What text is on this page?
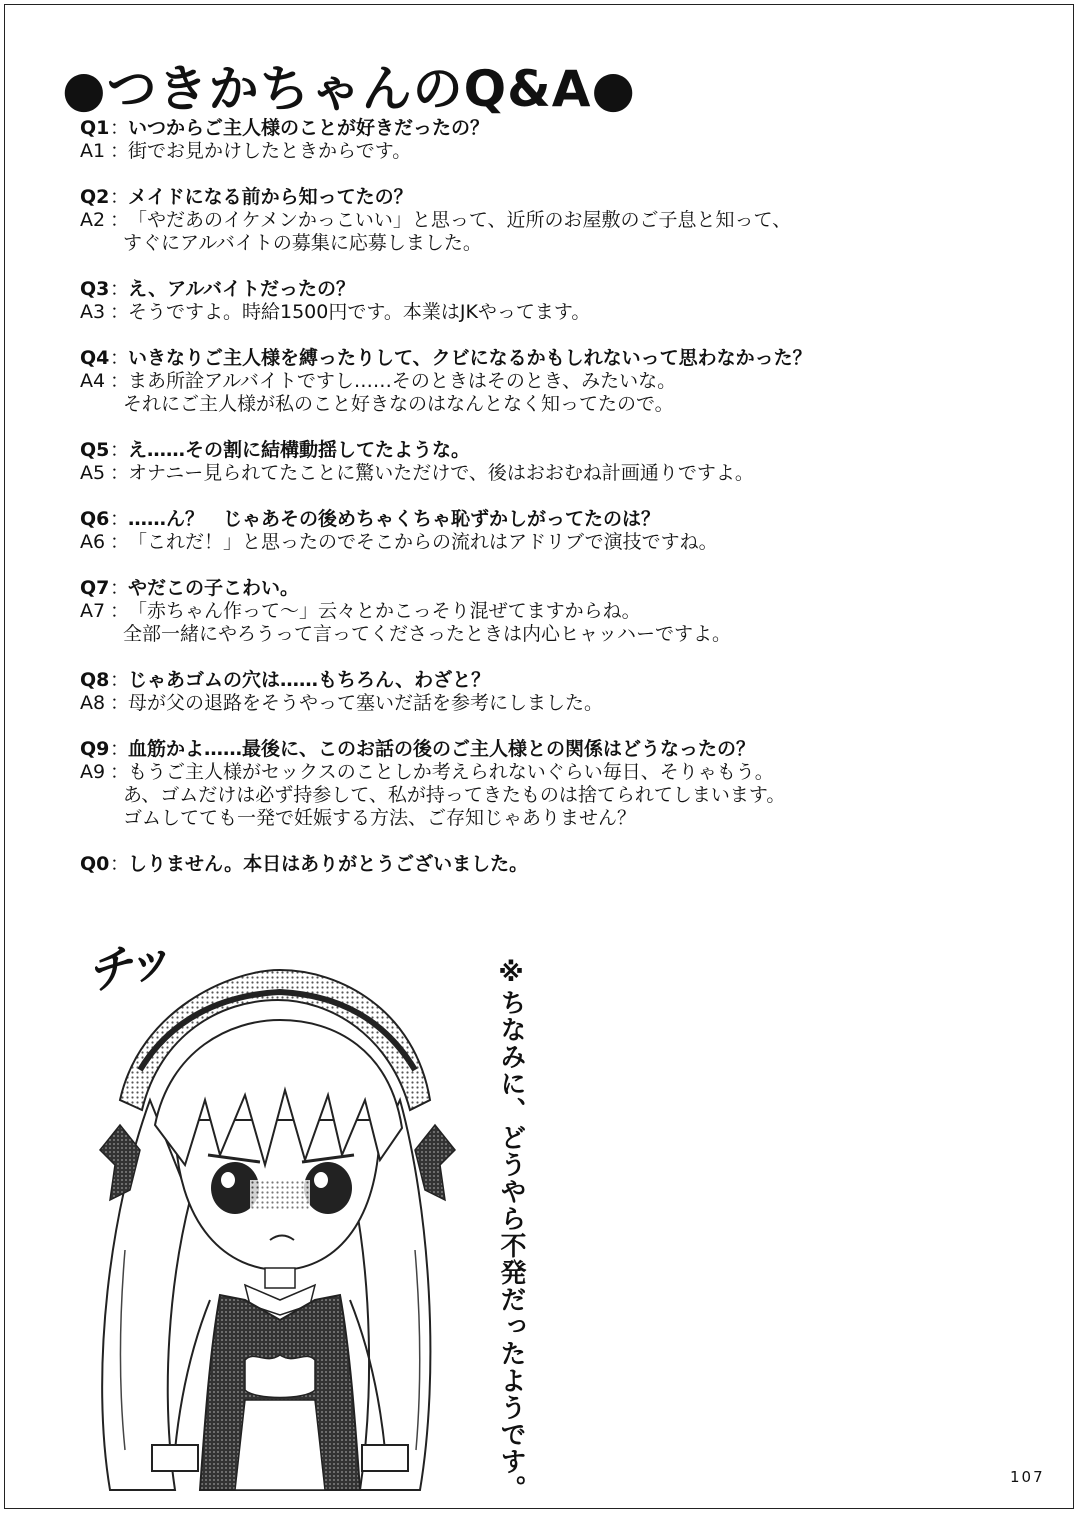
●つきかちゃんのQ&A●
Q1：いつからご主人様のことが好きだったの？
A1 ：街でお見かけしたときからです。
Q2：メイドになる前から知ってたの？
A2 ：「やだあのイケメンかっこいい」と思って、近所のお屋敷のご子息と知って、
すぐにアルバイトの募集に応募しました。
Q3：え、アルバイトだったの？
A3 ：そうですよ。時給1500円です。本業はJKやってます。
Q4：いきなりご主人様を縛ったりして、クビになるかもしれないって思わなかった？
A4 ：まあ所詮アルバイトですし……そのときはそのとき、みたいな。
それにご主人様が私のこと好きなのはなんとなく知ってたので。
Q5：え……その割に結構動揺してたような。
A5 ：オナニー見られてたことに驚いただけで、後はおおむね計画通りですよ。
Q6：……ん？　じゃあその後めちゃくちゃ恥ずかしがってたのは？
A6 ：「これだ！」と思ったのでそこからの流れはアドリブで演技ですね。
Q7：やだこの子こわい。
A7 ：「赤ちゃん作って～」云々とかこっそり混ぜてますからね。
全部一緒にやろうって言ってくださったときは内心ヒャッハーですよ。
Q8：じゃあゴムの穴は……もちろん、わざと？
A8 ：母が父の退路をそうやって塞いだ話を参考にしました。
Q9：血筋かよ……最後に、このお話の後のご主人様との関係はどうなったの？
A9 ：もうご主人様がセックスのことしか考えられないぐらい毎日、そりゃもう。
あ、ゴムだけは必ず持参して、私が持ってきたものは捨てられてしまいます。
ゴムしてても一発で妊娠する方法、ご存知じゃありません？
Q0：しりません。本日はありがとうございました。
チッ	※ちなみに、どうやら不発だったようです。	107
